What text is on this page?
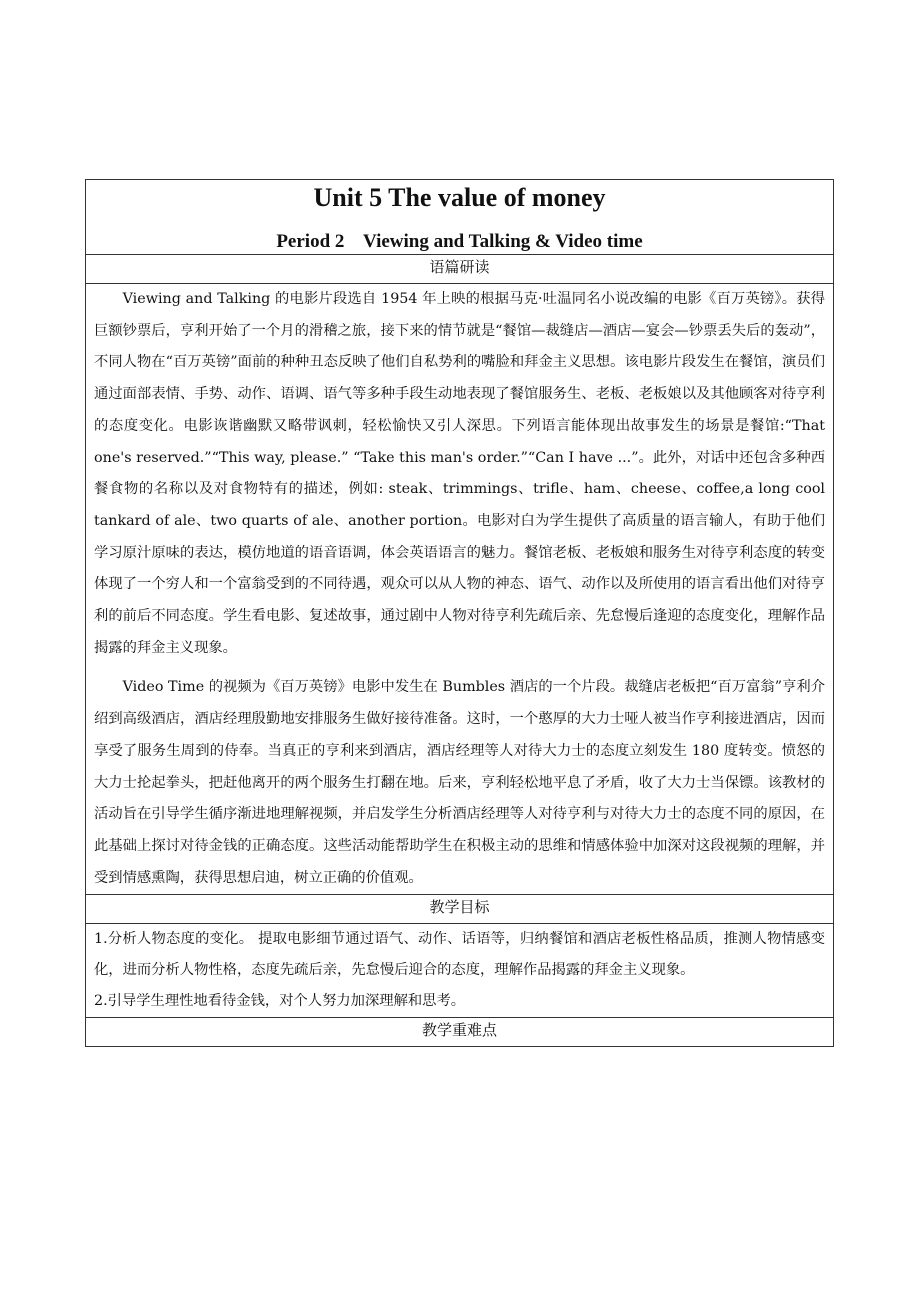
Unit 5 The value of money
Period 2    Viewing and Talking & Video time

语篇研读

Viewing and Talking 的电影片段选自 1954 年上映的根据马克·吐温同名小说改编的电影《百万英镑》。获得巨额钞票后，亨利开始了一个月的滑稽之旅，接下来的情节就是“餐馆—裁缝店—酒店—宴会—钞票丢失后的轰动”，不同人物在“百万英镑”面前的种种丑态反映了他们自私势利的嘴脸和拜金主义思想。该电影片段发生在餐馆，演员们通过面部表情、手势、动作、语调、语气等多种手段生动地表现了餐馆服务生、老板、老板娘以及其他顾客对待亨利的态度变化。电影诙谐幽默又略带讽刺，轻松愉快又引人深思。下列语言能体现出故事发生的场景是餐馆:“That one's reserved.”“This way, please.” “Take this man's order.”“Can I have ...”。此外，对话中还包含多种西餐食物的名称以及对食物特有的描述，例如: steak、trimmings、trifle、ham、cheese、coffee,a long cool tankard of ale、two quarts of ale、another portion。电影对白为学生提供了高质量的语言输人，有助于他们学习原汁原味的表达，模仿地道的语音语调，体会英语语言的魅力。餐馆老板、老板娘和服务生对待亨利态度的转变体现了一个穷人和一个富翁受到的不同待遇，观众可以从人物的神态、语气、动作以及所使用的语言看出他们对待亨利的前后不同态度。学生看电影、复述故事，通过剧中人物对待亨利先疏后亲、先怠慢后逢迎的态度变化，理解作品揭露的拜金主义现象。

Video Time 的视频为《百万英镑》电影中发生在 Bumbles 酒店的一个片段。裁缝店老板把“百万富翁”亨利介绍到高级酒店，酒店经理殷勤地安排服务生做好接待准备。这时，一个憨厚的大力士哑人被当作亨利接进酒店，因而享受了服务生周到的侍奉。当真正的亨利来到酒店，酒店经理等人对待大力士的态度立刻发生 180 度转变。愤怒的大力士抡起拳头，把赶他离开的两个服务生打翻在地。后来，亨利轻松地平息了矛盾，收了大力士当保镖。该教材的活动旨在引导学生循序渐进地理解视频，并启发学生分析酒店经理等人对待亨利与对待大力士的态度不同的原因，在此基础上探讨对待金钱的正确态度。这些活动能帮助学生在积极主动的思维和情感体验中加深对这段视频的理解，并受到情感熏陶，获得思想启迪，树立正确的价值观。

教学目标

1.分析人物态度的变化。 提取电影细节通过语气、动作、话语等，归纳餐馆和酒店老板性格品质，推测人物情感变化，进而分析人物性格，态度先疏后亲，先怠慢后迎合的态度，理解作品揭露的拜金主义现象。

2.引导学生理性地看待金钱，对个人努力加深理解和思考。

教学重难点
